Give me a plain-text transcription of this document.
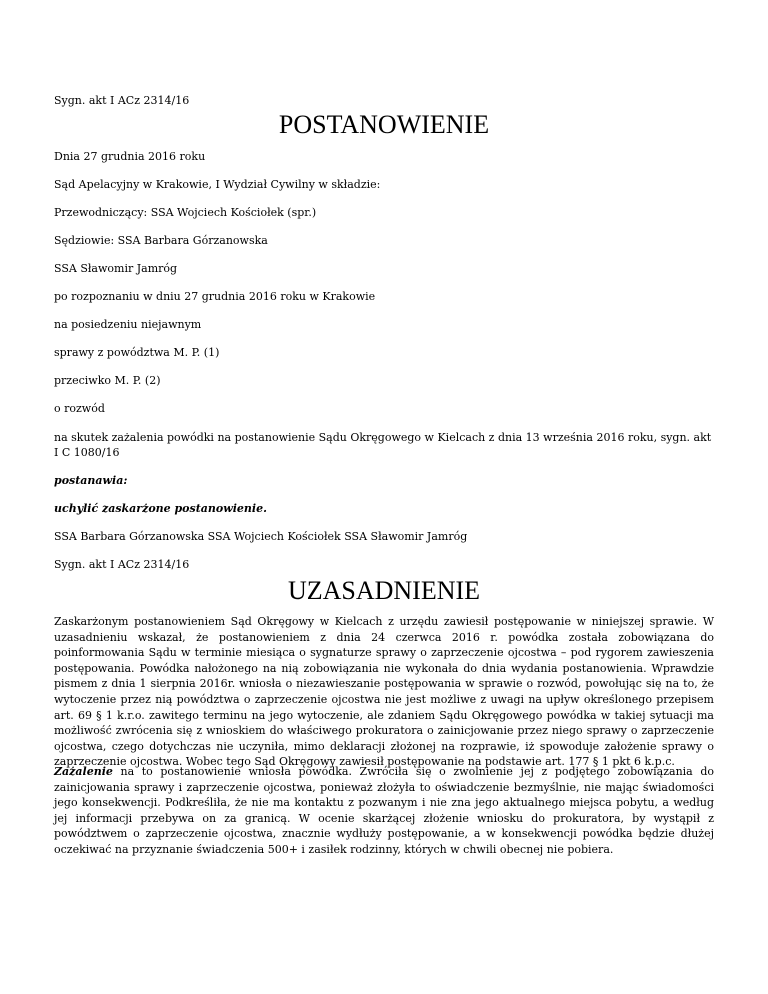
Sygn. akt I ACz 2314/16
POSTANOWIENIE
Dnia 27 grudnia 2016 roku
Sąd Apelacyjny w Krakowie, I Wydział Cywilny w składzie:
Przewodniczący: SSA Wojciech Kościołek (spr.)
Sędziowie: SSA Barbara Górzanowska
SSA Sławomir Jamróg
po rozpoznaniu w dniu 27 grudnia 2016 roku w Krakowie
na posiedzeniu niejawnym
sprawy z powództwa M. P. (1)
przeciwko M. P. (2)
o rozwód
na skutek zażalenia powódki na postanowienie Sądu Okręgowego w Kielcach z dnia 13 września 2016 roku, sygn. akt I C 1080/16
postanawia:
uchylić zaskarżone postanowienie.
SSA Barbara Górzanowska SSA Wojciech Kościołek SSA Sławomir Jamróg
Sygn. akt I ACz 2314/16
UZASADNIENIE
Zaskarżonym postanowieniem Sąd Okręgowy w Kielcach z urzędu zawiesił postępowanie w niniejszej sprawie. W uzasadnieniu wskazał, że postanowieniem z dnia 24 czerwca 2016 r. powódka została zobowiązana do poinformowania Sądu w terminie miesiąca o sygnaturze sprawy o zaprzeczenie ojcostwa – pod rygorem zawieszenia postępowania. Powódka nałożonego na nią zobowiązania nie wykonała do dnia wydania postanowienia. Wprawdzie pismem z dnia 1 sierpnia 2016r. wniosła o niezawieszanie postępowania w sprawie o rozwód, powołując się na to, że wytoczenie przez nią powództwa o zaprzeczenie ojcostwa nie jest możliwe z uwagi na upływ określonego przepisem art. 69 § 1 k.r.o. zawitego terminu na jego wytoczenie, ale zdaniem Sądu Okręgowego powódka w takiej sytuacji ma możliwość zwrócenia się z wnioskiem do właściwego prokuratora o zainicjowanie przez niego sprawy o zaprzeczenie ojcostwa, czego dotychczas nie uczyniła, mimo deklaracji złożonej na rozprawie, iż spowoduje założenie sprawy o zaprzeczenie ojcostwa. Wobec tego Sąd Okręgowy zawiesił postępowanie na podstawie art. 177 § 1 pkt 6 k.p.c.
Zażalenie na to postanowienie wniosła powódka. Zwróciła się o zwolnienie jej z podjętego zobowiązania do zainicjowania sprawy i zaprzeczenie ojcostwa, ponieważ złożyła to oświadczenie bezmyślnie, nie mając świadomości jego konsekwencji. Podkreśliła, że nie ma kontaktu z pozwanym i nie zna jego aktualnego miejsca pobytu, a według jej informacji przebywa on za granicą. W ocenie skarżącej złożenie wniosku do prokuratora, by wystąpił z powództwem o zaprzeczenie ojcostwa, znacznie wydłuży postępowanie, a w konsekwencji powódka będzie dłużej oczekiwać na przyznanie świadczenia 500+ i zasiłek rodzinny, których w chwili obecnej nie pobiera.
